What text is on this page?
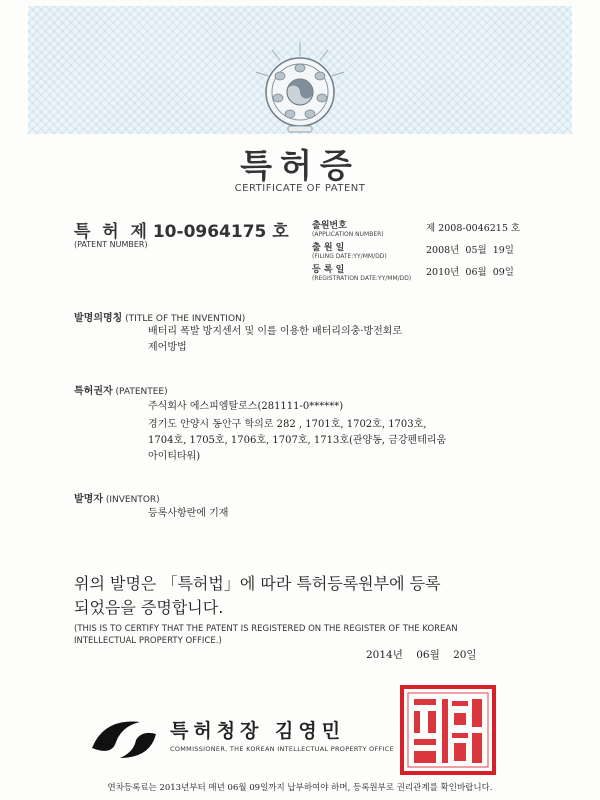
특허증
CERTIFICATE OF PATENT
특  허  제 10-0964175 호
(PATENT NUMBER)
출원번호
(APPLICATION NUMBER)
제 2008-0046215 호
출 원 일
(FILING DATE:YY/MM/DD)
2008년  05월  19일
등 록 일
(REGISTRATION DATE:YY/MM/DD)
2010년  06월  09일
발명의명칭 (TITLE OF THE INVENTION)
배터리 폭발 방지센서 및 이를 이용한 배터리의충·방전회로
제어방법
특허권자 (PATENTEE)
주식회사 에스피엠탈로스(281111-0******)
경기도 안양시 동안구 학의로 282 , 1701호, 1702호, 1703호,
1704호, 1705호, 1706호, 1707호, 1713호(관양동, 금강펜테리움
아이티타워)
발명자 (INVENTOR)
등록사항란에 기재
위의 발명은 「특허법」에 따라 특허등록원부에 등록
되었음을 증명합니다.
(THIS IS TO CERTIFY THAT THE PATENT IS REGISTERED ON THE REGISTER OF THE KOREAN
INTELLECTUAL PROPERTY OFFICE.)
2014년    06월    20일
특허청장 김영민
COMMISSIONER, THE KOREAN INTELLECTUAL PROPERTY OFFICE
연차등록료는 2013년부터 매년 06월 09일까지 납부하여야 하며, 등록원부로 권리관계를 확인바랍니다.
